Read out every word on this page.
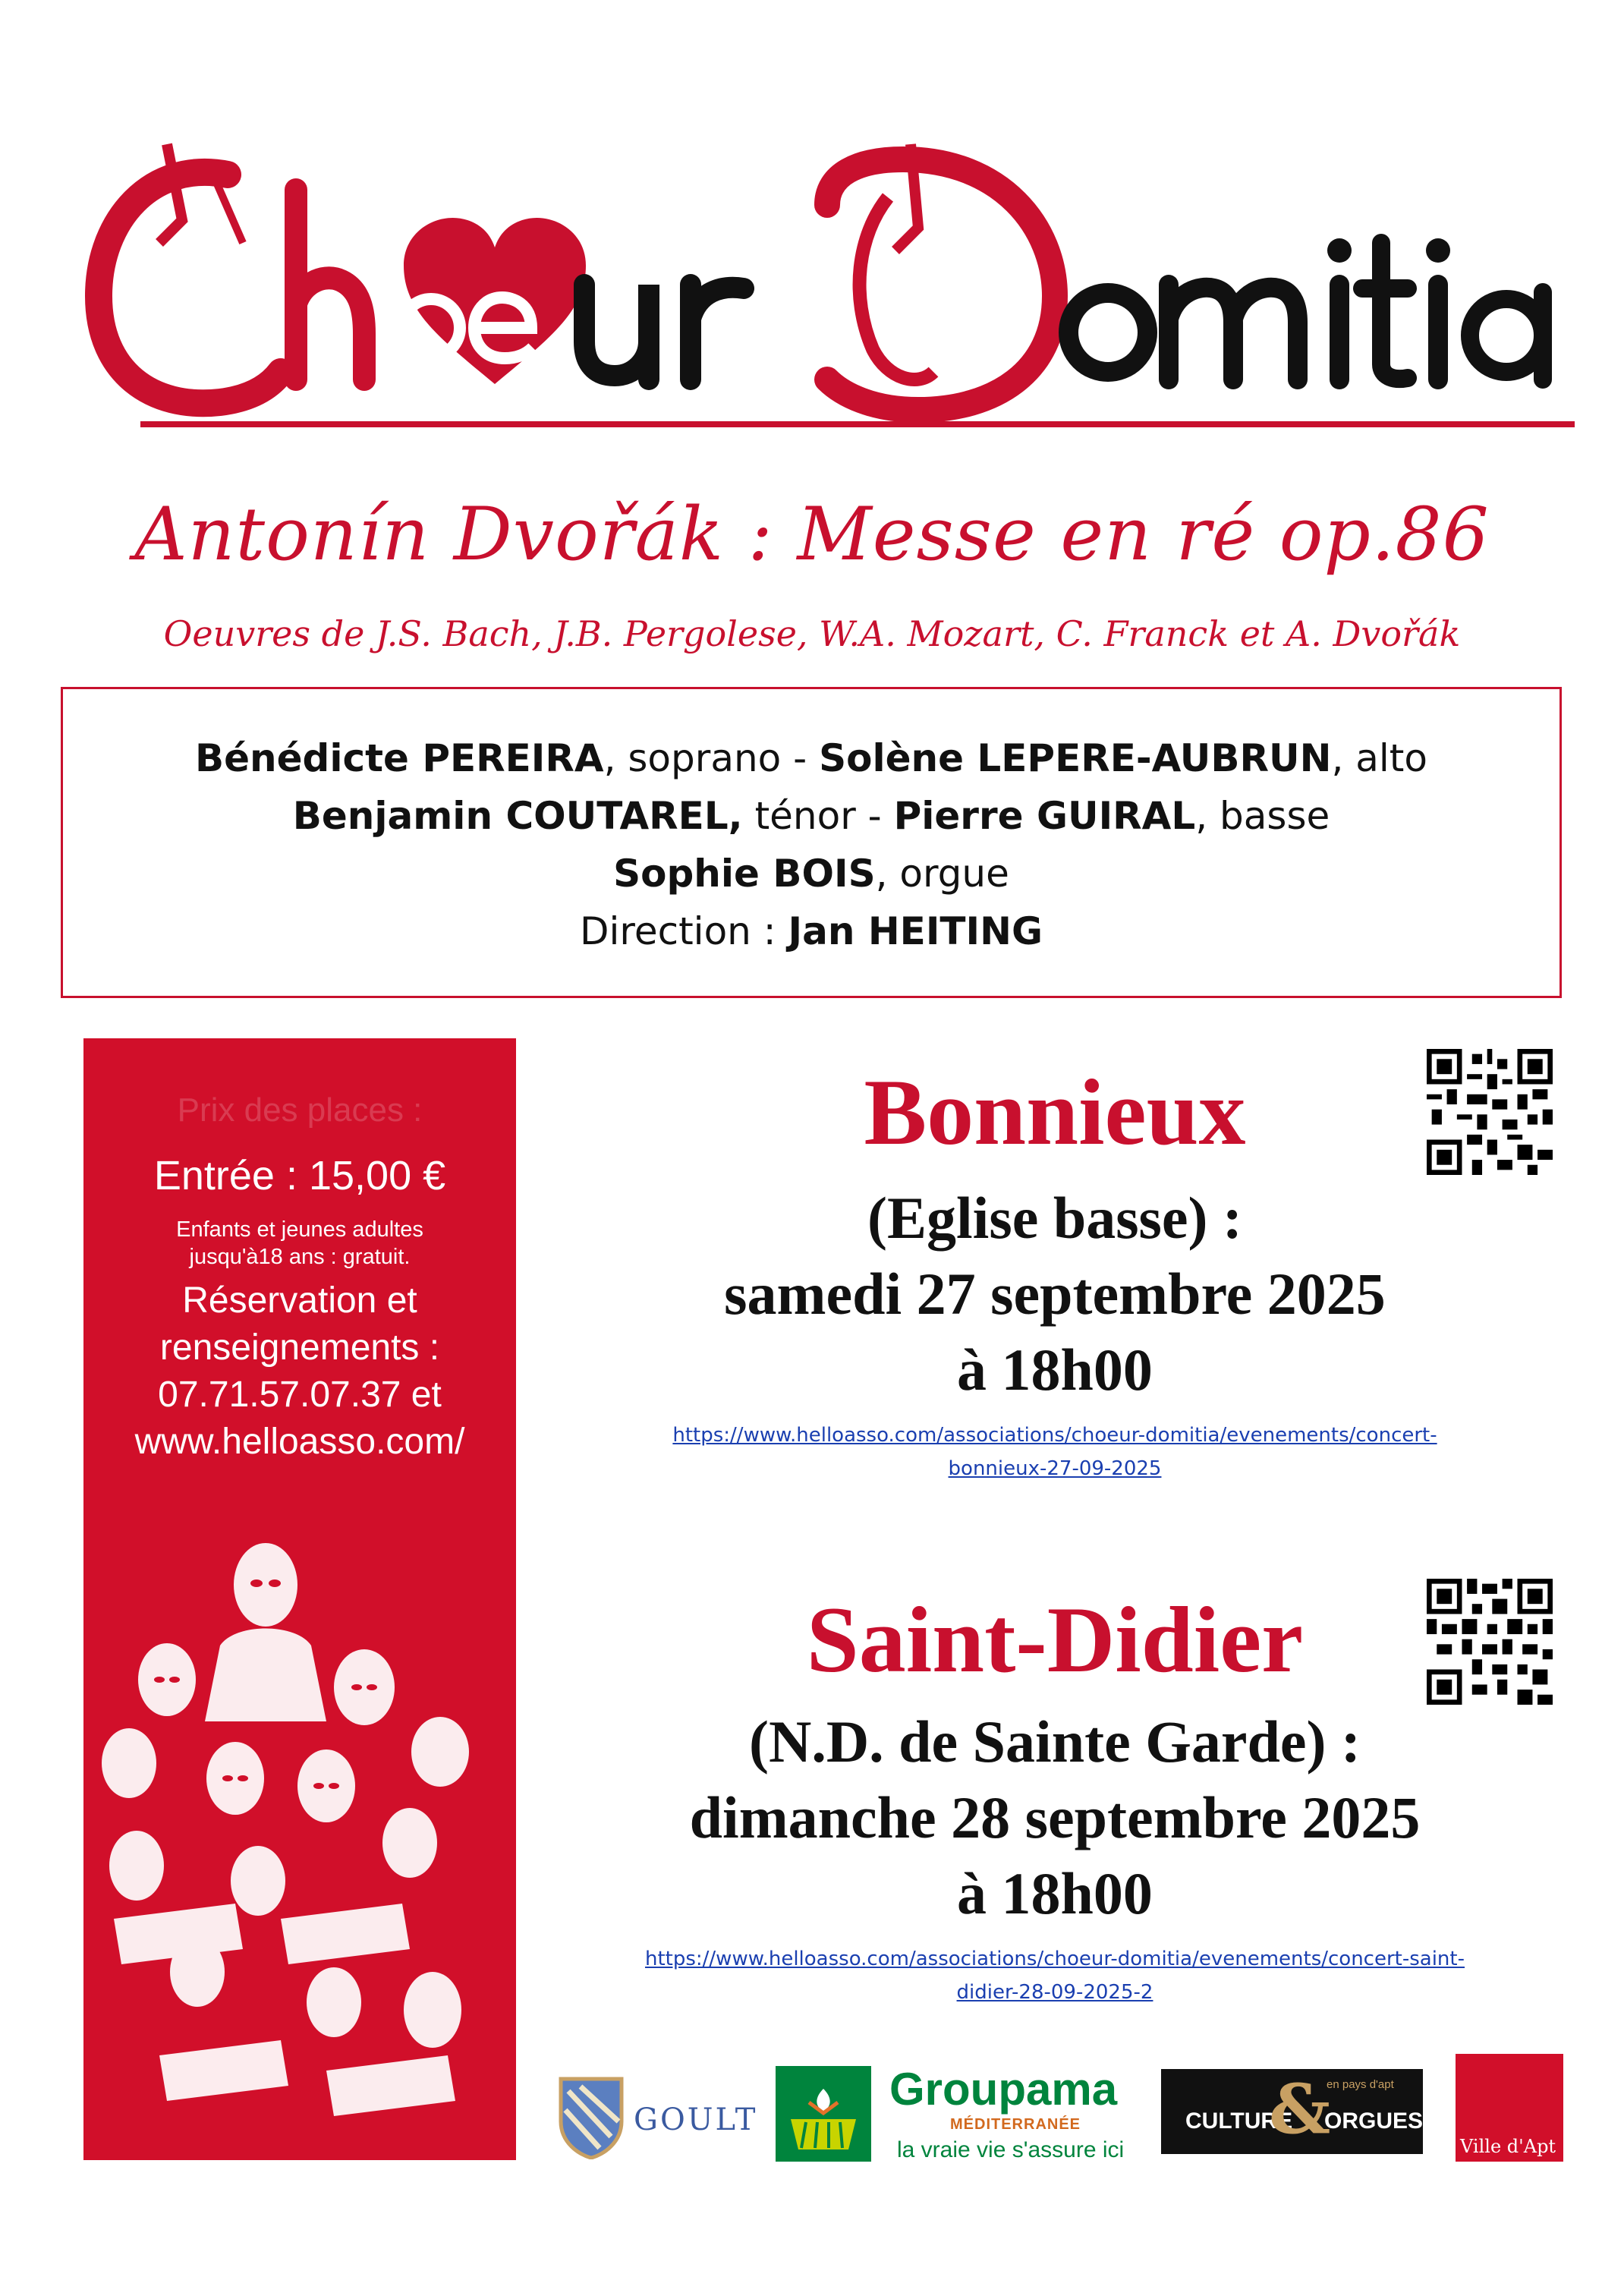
Antonín Dvořák : Messe en ré op.86
Oeuvres de J.S. Bach, J.B. Pergolese, W.A. Mozart, C. Franck et A. Dvořák
Bénédicte PEREIRA, soprano - Solène LEPERE-AUBRUN, alto
Benjamin COUTAREL, ténor - Pierre GUIRAL, basse
Sophie BOIS, orgue
Direction : Jan HEITING
Prix des places :
Entrée : 15,00 €
Enfants et jeunes adultes
jusqu'à18 ans : gratuit.
Réservation et
renseignements :
07.71.57.07.37 et
www.helloasso.com/
Bonnieux
(Eglise basse) :
samedi 27 septembre 2025
à 18h00
https://www.helloasso.com/associations/choeur-domitia/evenements/concert-
bonnieux-27-09-2025
Saint-Didier
(N.D. de Sainte Garde) :
dimanche 28 septembre 2025
à 18h00
https://www.helloasso.com/associations/choeur-domitia/evenements/concert-saint-
didier-28-09-2025-2
GOULT
Groupama
MÉDITERRANÉE
la vraie vie s'assure ici
CULTURE
&
en pays d'apt
ORGUES
Ville d'Apt
